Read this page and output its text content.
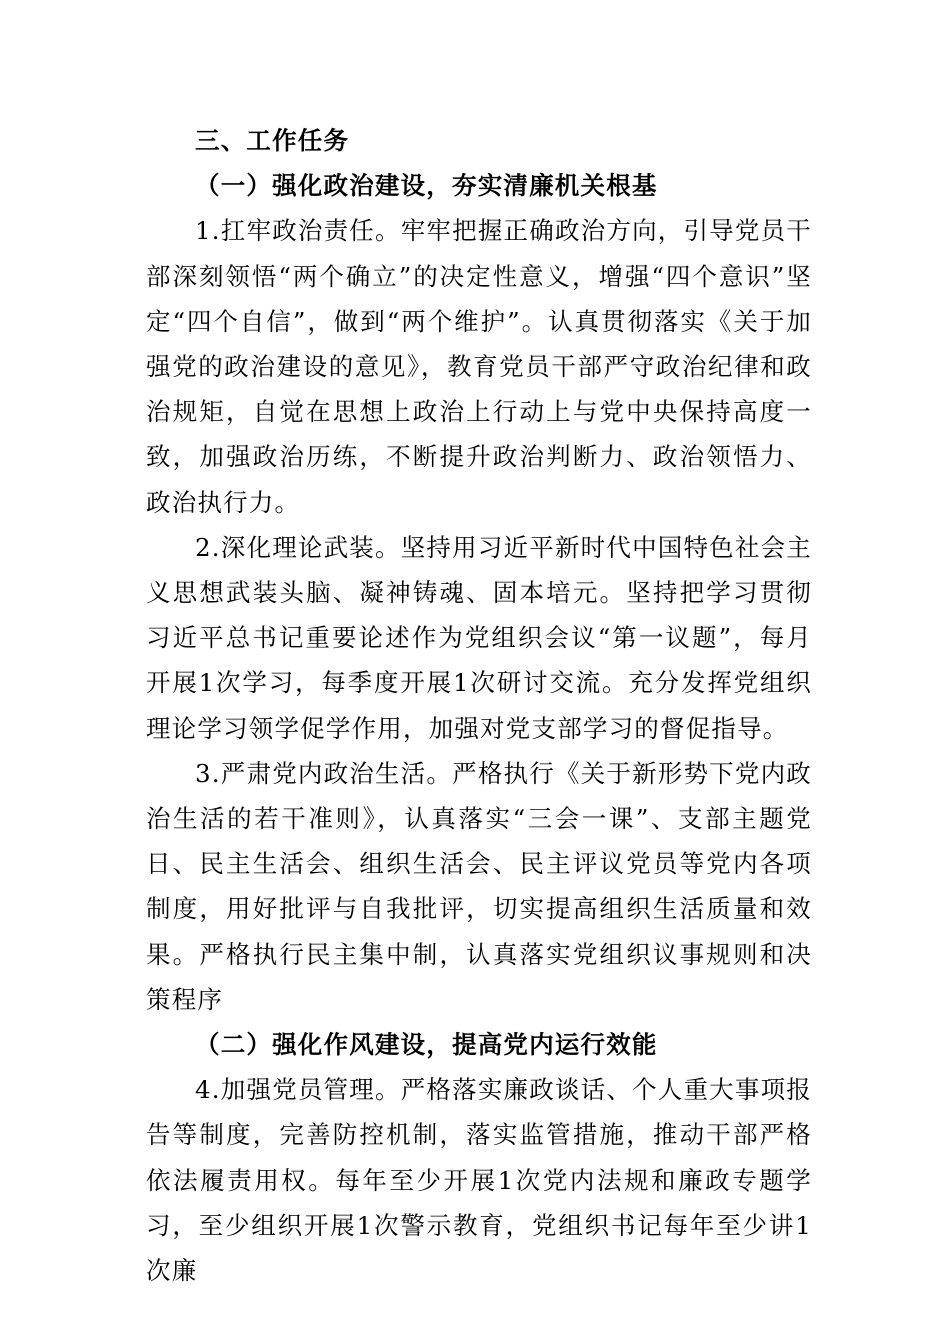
三、工作任务

（一）强化政治建设，夯实清廉机关根基

1.扛牢政治责任。牢牢把握正确政治方向，引导党员干部深刻领悟“两个确立”的决定性意义，增强“四个意识”坚定“四个自信”，做到“两个维护”。认真贯彻落实《关于加强党的政治建设的意见》，教育党员干部严守政治纪律和政治规矩，自觉在思想上政治上行动上与党中央保持高度一致，加强政治历练，不断提升政治判断力、政治领悟力、政治执行力。

2.深化理论武装。坚持用习近平新时代中国特色社会主义思想武装头脑、凝神铸魂、固本培元。坚持把学习贯彻习近平总书记重要论述作为党组织会议“第一议题”，每月开展1次学习，每季度开展1次研讨交流。充分发挥党组织理论学习领学促学作用，加强对党支部学习的督促指导。

3.严肃党内政治生活。严格执行《关于新形势下党内政治生活的若干准则》，认真落实“三会一课”、支部主题党日、民主生活会、组织生活会、民主评议党员等党内各项制度，用好批评与自我批评，切实提高组织生活质量和效果。严格执行民主集中制，认真落实党组织议事规则和决策程序

（二）强化作风建设，提高党内运行效能

4.加强党员管理。严格落实廉政谈话、个人重大事项报告等制度，完善防控机制，落实监管措施，推动干部严格依法履责用权。每年至少开展1次党内法规和廉政专题学习，至少组织开展1次警示教育，党组织书记每年至少讲1次廉
